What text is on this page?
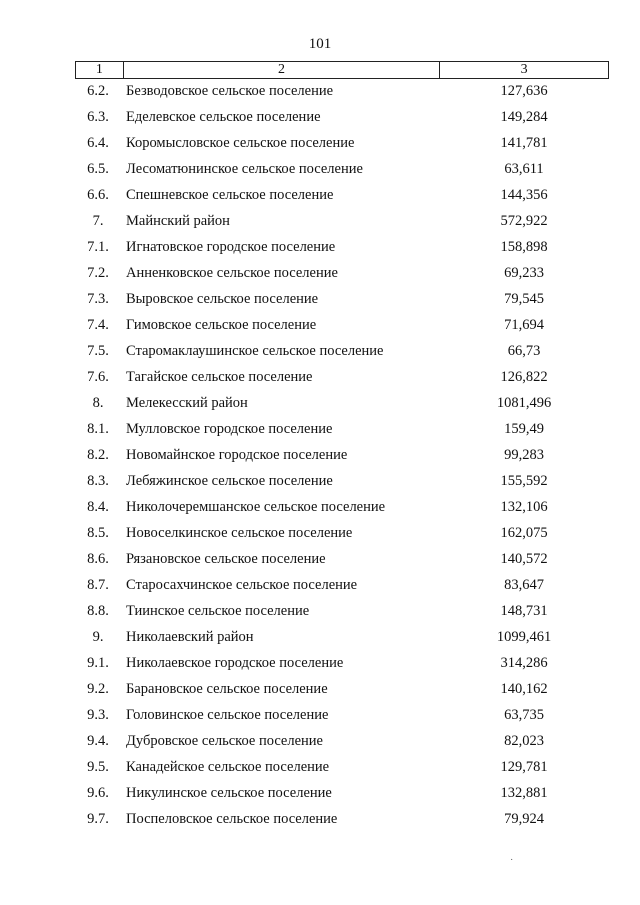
101
1	2	3
6.2.	Безводовское сельское поселение	127,636
6.3.	Еделевское сельское поселение	149,284
6.4.	Коромысловское сельское поселение	141,781
6.5.	Лесоматюнинское сельское поселение	63,611
6.6.	Спешневское сельское поселение	144,356
7.	Майнский район	572,922
7.1.	Игнатовское городское поселение	158,898
7.2.	Анненковское сельское поселение	69,233
7.3.	Выровское сельское поселение	79,545
7.4.	Гимовское сельское поселение	71,694
7.5.	Старомаклаушинское сельское поселение	66,73
7.6.	Тагайское сельское поселение	126,822
8.	Мелекесский район	1081,496
8.1.	Мулловское городское поселение	159,49
8.2.	Новомайнское городское поселение	99,283
8.3.	Лебяжинское сельское поселение	155,592
8.4.	Николочеремшанское сельское поселение	132,106
8.5.	Новоселкинское сельское поселение	162,075
8.6.	Рязановское сельское поселение	140,572
8.7.	Старосахчинское сельское поселение	83,647
8.8.	Тиинское сельское поселение	148,731
9.	Николаевский район	1099,461
9.1.	Николаевское городское поселение	314,286
9.2.	Барановское сельское поселение	140,162
9.3.	Головинское сельское поселение	63,735
9.4.	Дубровское сельское поселение	82,023
9.5.	Канадейское сельское поселение	129,781
9.6.	Никулинское сельское поселение	132,881
9.7.	Поспеловское сельское поселение	79,924
˙
